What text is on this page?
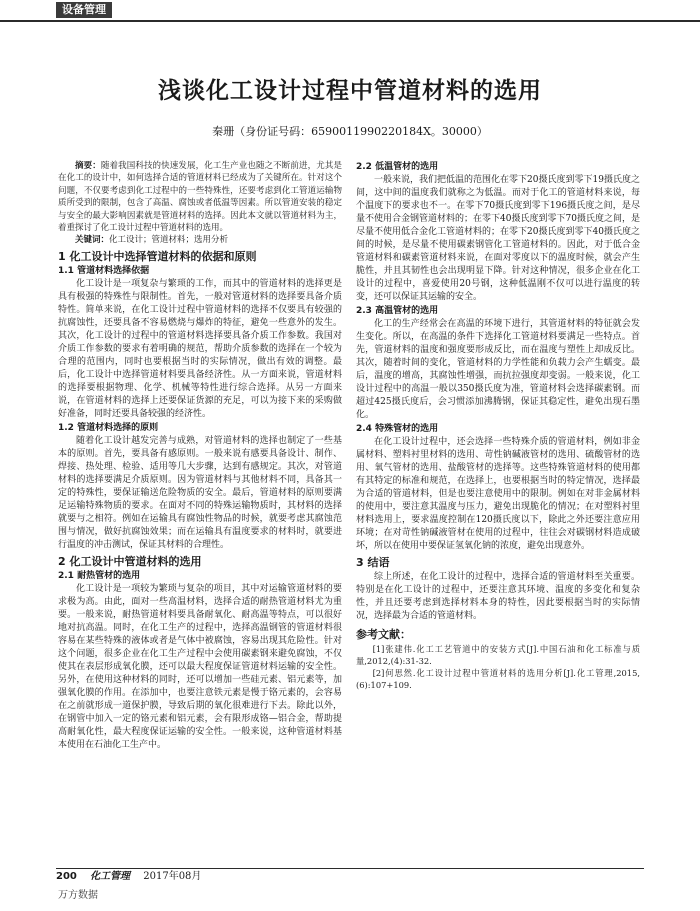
设备管理
浅谈化工设计过程中管道材料的选用
秦珊（身份证号码：6590011990220184X。30000）

摘要：随着我国科技的快速发展，化工生产业也随之不断前进，尤其是在化工的设计中，如何选择合适的管道材料已经成为了关键所在。针对这个问题，不仅要考虑到化工过程中的一些特殊性，还要考虑到化工管道运输物质所受到的限制，包含了高温、腐蚀或者低温等因素。所以管道安装的稳定与安全的最大影响因素就是管道材料的选择。因此本文就以管道材料为主，着重探讨了化工设计过程中管道材料的选用。

关键词：化工设计；管道材料；选用分析

1 化工设计中选择管道材料的依据和原则
1.1 管道材料选择依据

化工设计是一项复杂与繁琐的工作，而其中的管道材料的选择更是具有极强的特殊性与限制性。首先，一般对管道材料的选择要具备介质特性。简单来说，在化工设计过程中管道材料的选择不仅要具有较强的抗腐蚀性，还要具备不容易燃烧与爆炸的特征，避免一些意外的发生。其次，化工设计的过程中的管道材料选择要具备介质工作参数。我国对介质工作参数的要求有着明确的规范，帮助介质参数的选择在一个较为合理的范围内，同时也要根据当时的实际情况，做出有效的调整。最后，化工设计中选择管道材料要具备经济性。从一方面来说，管道材料的选择要根据物理、化学、机械等特性进行综合选择。从另一方面来说，在管道材料的选择上还要保证货源的充足，可以为接下来的采购做好准备，同时还要具备较强的经济性。

1.2 管道材料选择的原则

随着化工设计越发完善与成熟，对管道材料的选择也制定了一些基本的原则。首先，要具备有感原则。一般来说有感要具备设计、制作、焊接、热处理、检验、适用等几大步骤，达到有感规定。其次，对管道材料的选择要满足介质原则。因为管道材料与其他材料不同，具备其一定的特殊性，要保证输送危险物质的安全。最后，管道材料的原则要满足运输特殊物质的要求。在面对不同的特殊运输物质时，其材料的选择就要与之相符。例如在运输具有腐蚀性物品的时候，就要考虑其腐蚀范围与情况，做好抗腐蚀效果；而在运输具有温度要求的材料时，就要进行温度的冲击测试，保证其材料的合理性。

2 化工设计中管道材料的选用
2.1 耐热管材的选用

化工设计是一项较为繁琐与复杂的项目，其中对运输管道材料的要求极为高。由此，面对一些高温材料，选择合适的耐热管道材料尤为重要。一般来说，耐热管道材料要具备耐氧化、耐高温等特点，可以很好地对抗高温。同时，在化工生产的过程中，选择高温钢管的管道材料很容易在某些特殊的液体或者是气体中被腐蚀，容易出现其危险性。针对这个问题，很多企业在化工生产过程中会使用碳素钢来避免腐蚀，不仅使其在表层形成氧化膜，还可以最大程度保证管道材料运输的安全性。另外，在使用这种材料的同时，还可以增加一些硅元素、铝元素等，加强氧化膜的作用。在添加中，也要注意铁元素是慢于铬元素的，会容易在之前就形成一道保护膜，导致后期的氧化很难进行下去。除此以外，在钢管中加入一定的铬元素和铝元素，会有限形成铬—铝合金，帮助提高耐氧化性，最大程度保证运输的安全性。一般来说，这种管道材料基本使用在石油化工生产中。

2.2 低温管材的选用

一般来说，我们把低温的范围化在零下20摄氏度到零下19摄氏度之间，这中间的温度我们就称之为低温。而对于化工的管道材料来说，每个温度下的要求也不一。在零下70摄氏度到零下196摄氏度之间，是尽量不使用合金钢管道材料的；在零下40摄氏度到零下70摄氏度之间，是尽量不使用低合金化工管道材料的；在零下20摄氏度到零下40摄氏度之间的时候，是尽量不使用碳素钢管化工管道材料的。因此，对于低合金管道材料和碳素管道材料来说，在面对零度以下的温度时候，就会产生脆性，并且其韧性也会出现明显下降。针对这种情况，很多企业在化工设计的过程中，喜爱使用20号钢，这种低温刚不仅可以进行温度的转变，还可以保证其运输的安全。

2.3 高温管材的选用

化工的生产经常会在高温的环境下进行，其管道材料的特征就会发生变化。所以，在高温的条件下选择化工管道材料要满足一些特点。首先，管道材料的温度和强度要形成反比，而在温度与塑性上却成反比。其次，随着时间的变化，管道材料的力学性能和负载力会产生蠕变。最后，温度的增高，其腐蚀性增强，而抗拉强度却变弱。一般来说，化工设计过程中的高温一般以350摄氏度为准，管道材料会选择碳素钢。而超过425摄氏度后，会习惯添加沸腾钢，保证其稳定性，避免出现石墨化。

2.4 特殊管材的选用

在化工设计过程中，还会选择一些特殊介质的管道材料，例如非金属材料、塑料衬里材料的选用、苛性钠碱液管材的选用、硫酸管材的选用、氧气管材的选用、盐酸管材的选择等。这些特殊管道材料的使用都有其特定的标准和规范，在选择上，也要根据当时的特定情况，选择最为合适的管道材料，但是也要注意使用中的限制。例如在对非金属材料的使用中，要注意其温度与压力，避免出现脆化的情况；在对塑料衬里材料选用上，要求温度控制在120摄氏度以下，除此之外还要注意应用环境；在对苛性钠碱液管材在使用的过程中，往往会对碳钢材料造成破坏，所以在使用中要保证氢氧化钠的浓度，避免出现意外。

3 结语

综上所述，在化工设计的过程中，选择合适的管道材料至关重要。特别是在化工设计的过程中，还要注意其环境、温度的多变化和复杂性，并且还要考虑到选择材料本身的特性，因此要根据当时的实际情况，选择最为合适的管道材料。

参考文献：

[1]张建伟.化工工艺管道中的安装方式[J].中国石油和化工标准与质量,2012,(4):31-32.

[2]何思然.化工设计过程中管道材料的选用分析[J].化工管理,2015,(6):107+109.

200 化工管理 2017年08月
万方数据
